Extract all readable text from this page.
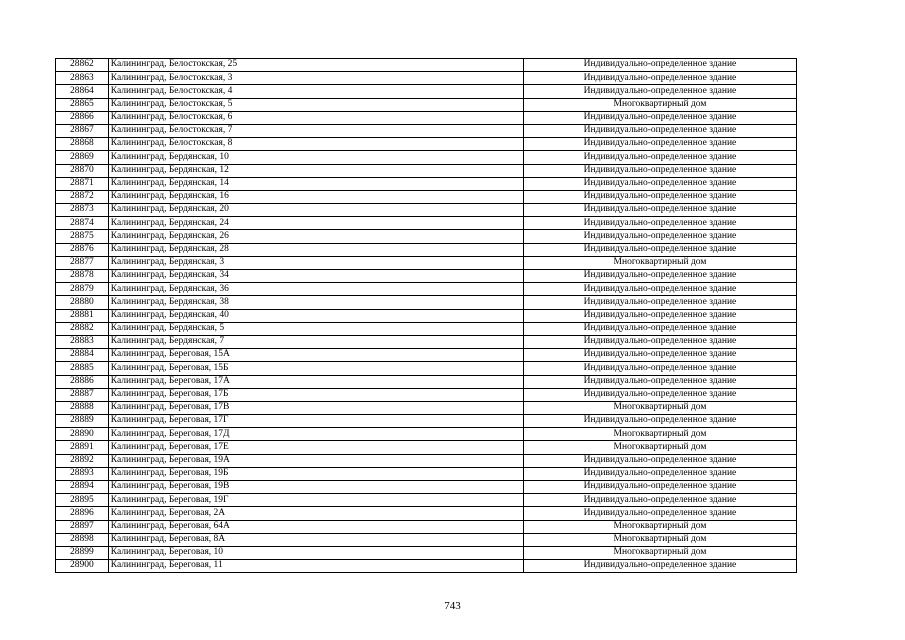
28862	Калининград, Белостокская, 25	Индивидуально-определенное здание
28863	Калининград, Белостокская, 3	Индивидуально-определенное здание
28864	Калининград, Белостокская, 4	Индивидуально-определенное здание
28865	Калининград, Белостокская, 5	Многоквартирный дом
28866	Калининград, Белостокская, 6	Индивидуально-определенное здание
28867	Калининград, Белостокская, 7	Индивидуально-определенное здание
28868	Калининград, Белостокская, 8	Индивидуально-определенное здание
28869	Калининград, Бердянская, 10	Индивидуально-определенное здание
28870	Калининград, Бердянская, 12	Индивидуально-определенное здание
28871	Калининград, Бердянская, 14	Индивидуально-определенное здание
28872	Калининград, Бердянская, 16	Индивидуально-определенное здание
28873	Калининград, Бердянская, 20	Индивидуально-определенное здание
28874	Калининград, Бердянская, 24	Индивидуально-определенное здание
28875	Калининград, Бердянская, 26	Индивидуально-определенное здание
28876	Калининград, Бердянская, 28	Индивидуально-определенное здание
28877	Калининград, Бердянская, 3	Многоквартирный дом
28878	Калининград, Бердянская, 34	Индивидуально-определенное здание
28879	Калининград, Бердянская, 36	Индивидуально-определенное здание
28880	Калининград, Бердянская, 38	Индивидуально-определенное здание
28881	Калининград, Бердянская, 40	Индивидуально-определенное здание
28882	Калининград, Бердянская, 5	Индивидуально-определенное здание
28883	Калининград, Бердянская, 7	Индивидуально-определенное здание
28884	Калининград, Береговая, 15А	Индивидуально-определенное здание
28885	Калининград, Береговая, 15Б	Индивидуально-определенное здание
28886	Калининград, Береговая, 17А	Индивидуально-определенное здание
28887	Калининград, Береговая, 17Б	Индивидуально-определенное здание
28888	Калининград, Береговая, 17В	Многоквартирный дом
28889	Калининград, Береговая, 17Г	Индивидуально-определенное здание
28890	Калининград, Береговая, 17Д	Многоквартирный дом
28891	Калининград, Береговая, 17Е	Многоквартирный дом
28892	Калининград, Береговая, 19А	Индивидуально-определенное здание
28893	Калининград, Береговая, 19Б	Индивидуально-определенное здание
28894	Калининград, Береговая, 19В	Индивидуально-определенное здание
28895	Калининград, Береговая, 19Г	Индивидуально-определенное здание
28896	Калининград, Береговая, 2А	Индивидуально-определенное здание
28897	Калининград, Береговая, 64А	Многоквартирный дом
28898	Калининград, Береговая, 8А	Многоквартирный дом
28899	Калининград, Береговая, 10	Многоквартирный дом
28900	Калининград, Береговая, 11	Индивидуально-определенное здание
743
